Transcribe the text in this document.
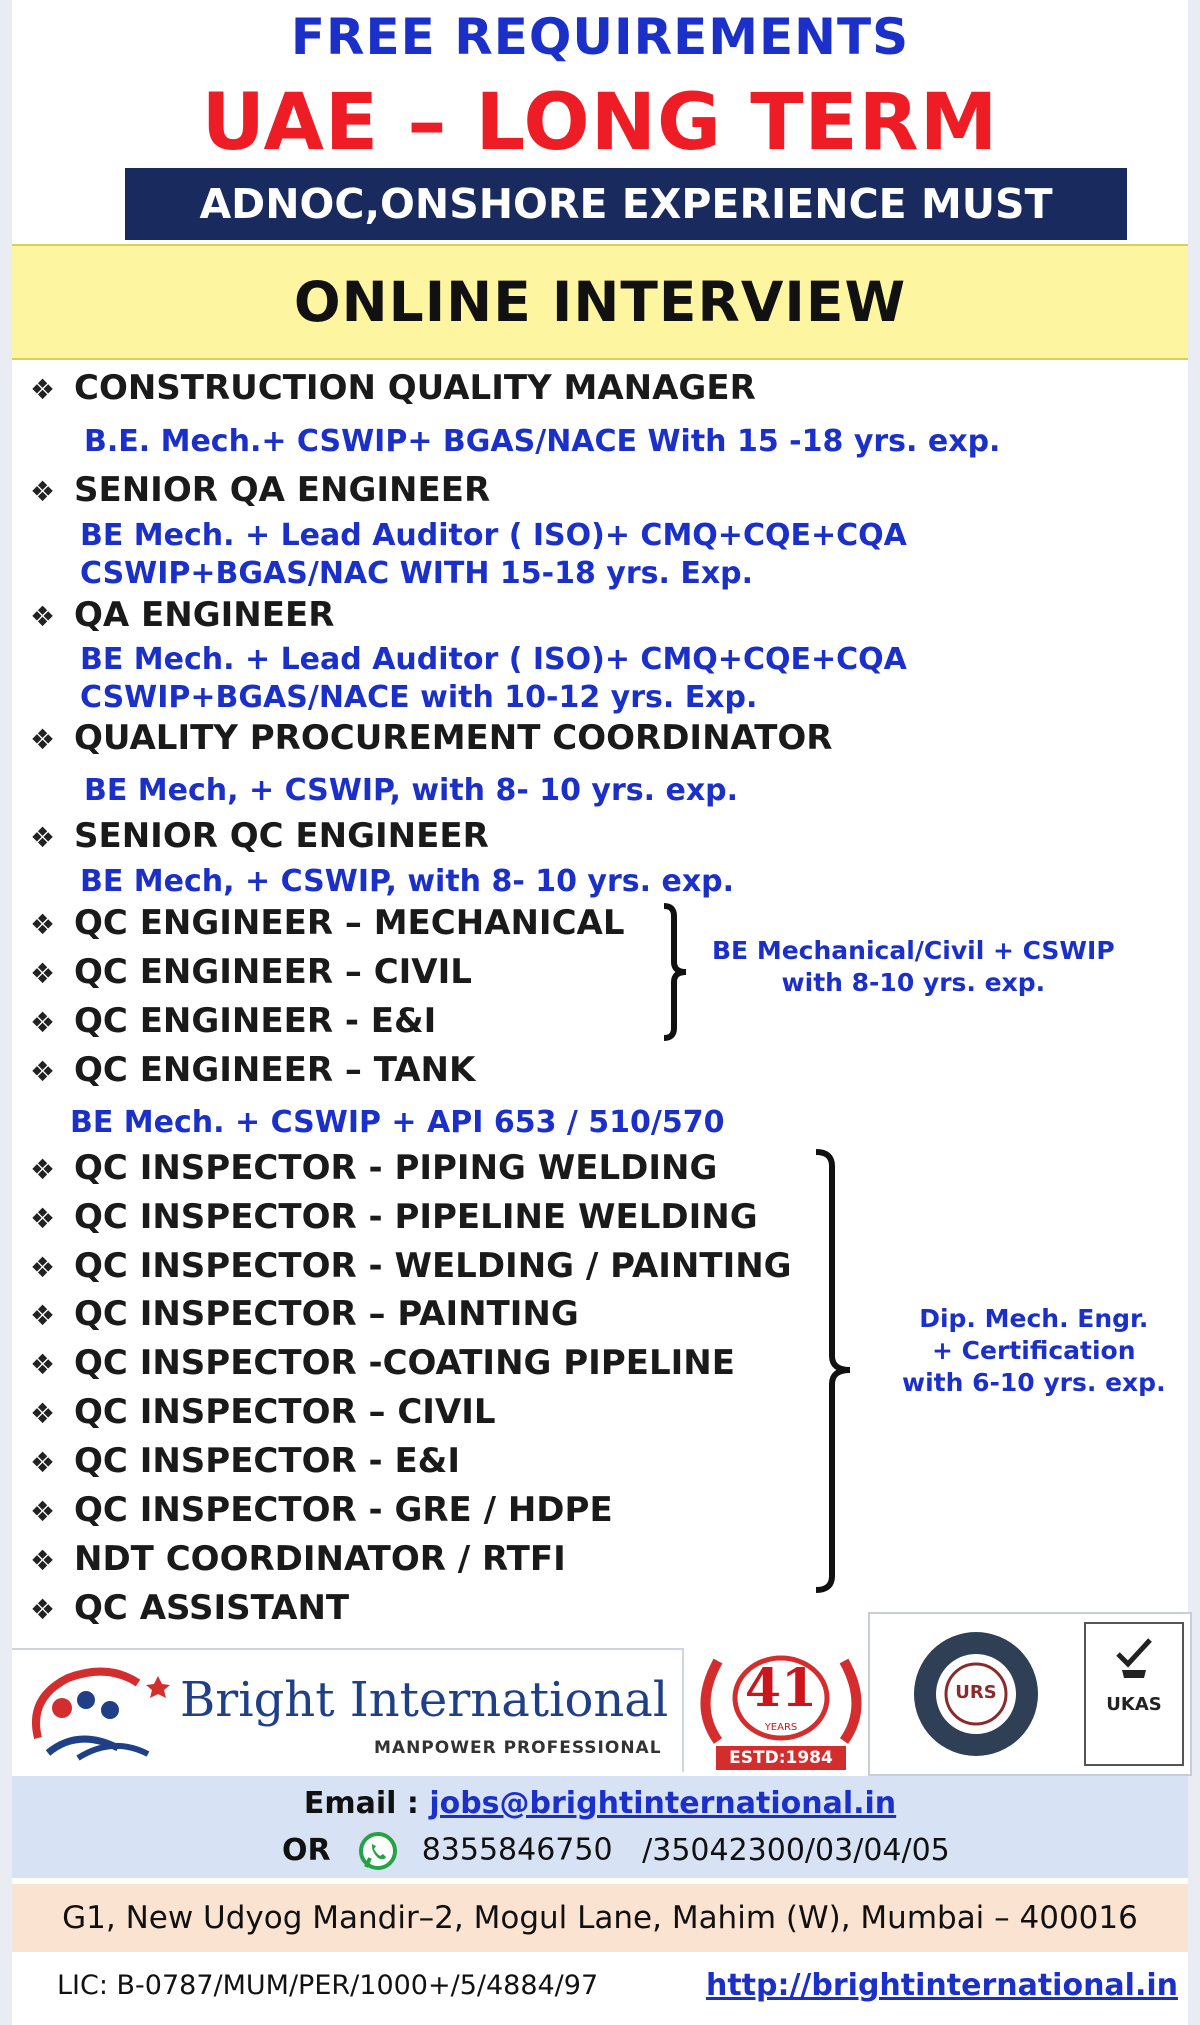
FREE REQUIREMENTS
UAE – LONG TERM
ADNOC,ONSHORE EXPERIENCE MUST
ONLINE INTERVIEW
❖ CONSTRUCTION QUALITY MANAGER
B.E. Mech.+ CSWIP+ BGAS/NACE With 15 -18 yrs. exp.
❖ SENIOR QA ENGINEER
BE Mech. + Lead Auditor ( ISO)+ CMQ+CQE+CQA
CSWIP+BGAS/NAC WITH 15-18 yrs. Exp.
❖ QA ENGINEER
BE Mech. + Lead Auditor ( ISO)+ CMQ+CQE+CQA
CSWIP+BGAS/NACE with 10-12 yrs. Exp.
❖ QUALITY PROCUREMENT COORDINATOR
BE Mech, + CSWIP, with 8- 10 yrs. exp.
❖ SENIOR QC ENGINEER
BE Mech, + CSWIP, with 8- 10 yrs. exp.
❖ QC ENGINEER – MECHANICAL
❖ QC ENGINEER – CIVIL
❖ QC ENGINEER - E&I
BE Mechanical/Civil + CSWIP
with 8-10 yrs. exp.
❖ QC ENGINEER – TANK
BE Mech. + CSWIP + API 653 / 510/570
❖ QC INSPECTOR - PIPING WELDING
❖ QC INSPECTOR - PIPELINE WELDING
❖ QC INSPECTOR - WELDING / PAINTING
❖ QC INSPECTOR – PAINTING
❖ QC INSPECTOR -COATING PIPELINE
❖ QC INSPECTOR – CIVIL
❖ QC INSPECTOR - E&I
❖ QC INSPECTOR - GRE / HDPE
❖ NDT COORDINATOR / RTFI
❖ QC ASSISTANT
Dip. Mech. Engr.
+ Certification
with 6-10 yrs. exp.
Bright International
MANPOWER PROFESSIONAL
41
YEARS
ESTD:1984
URS
UKAS
Email : jobs@brightinternational.in
OR	8355846750 /35042300/03/04/05
G1, New Udyog Mandir–2, Mogul Lane, Mahim (W), Mumbai – 400016
LIC: B-0787/MUM/PER/1000+/5/4884/97	http://brightinternational.in
